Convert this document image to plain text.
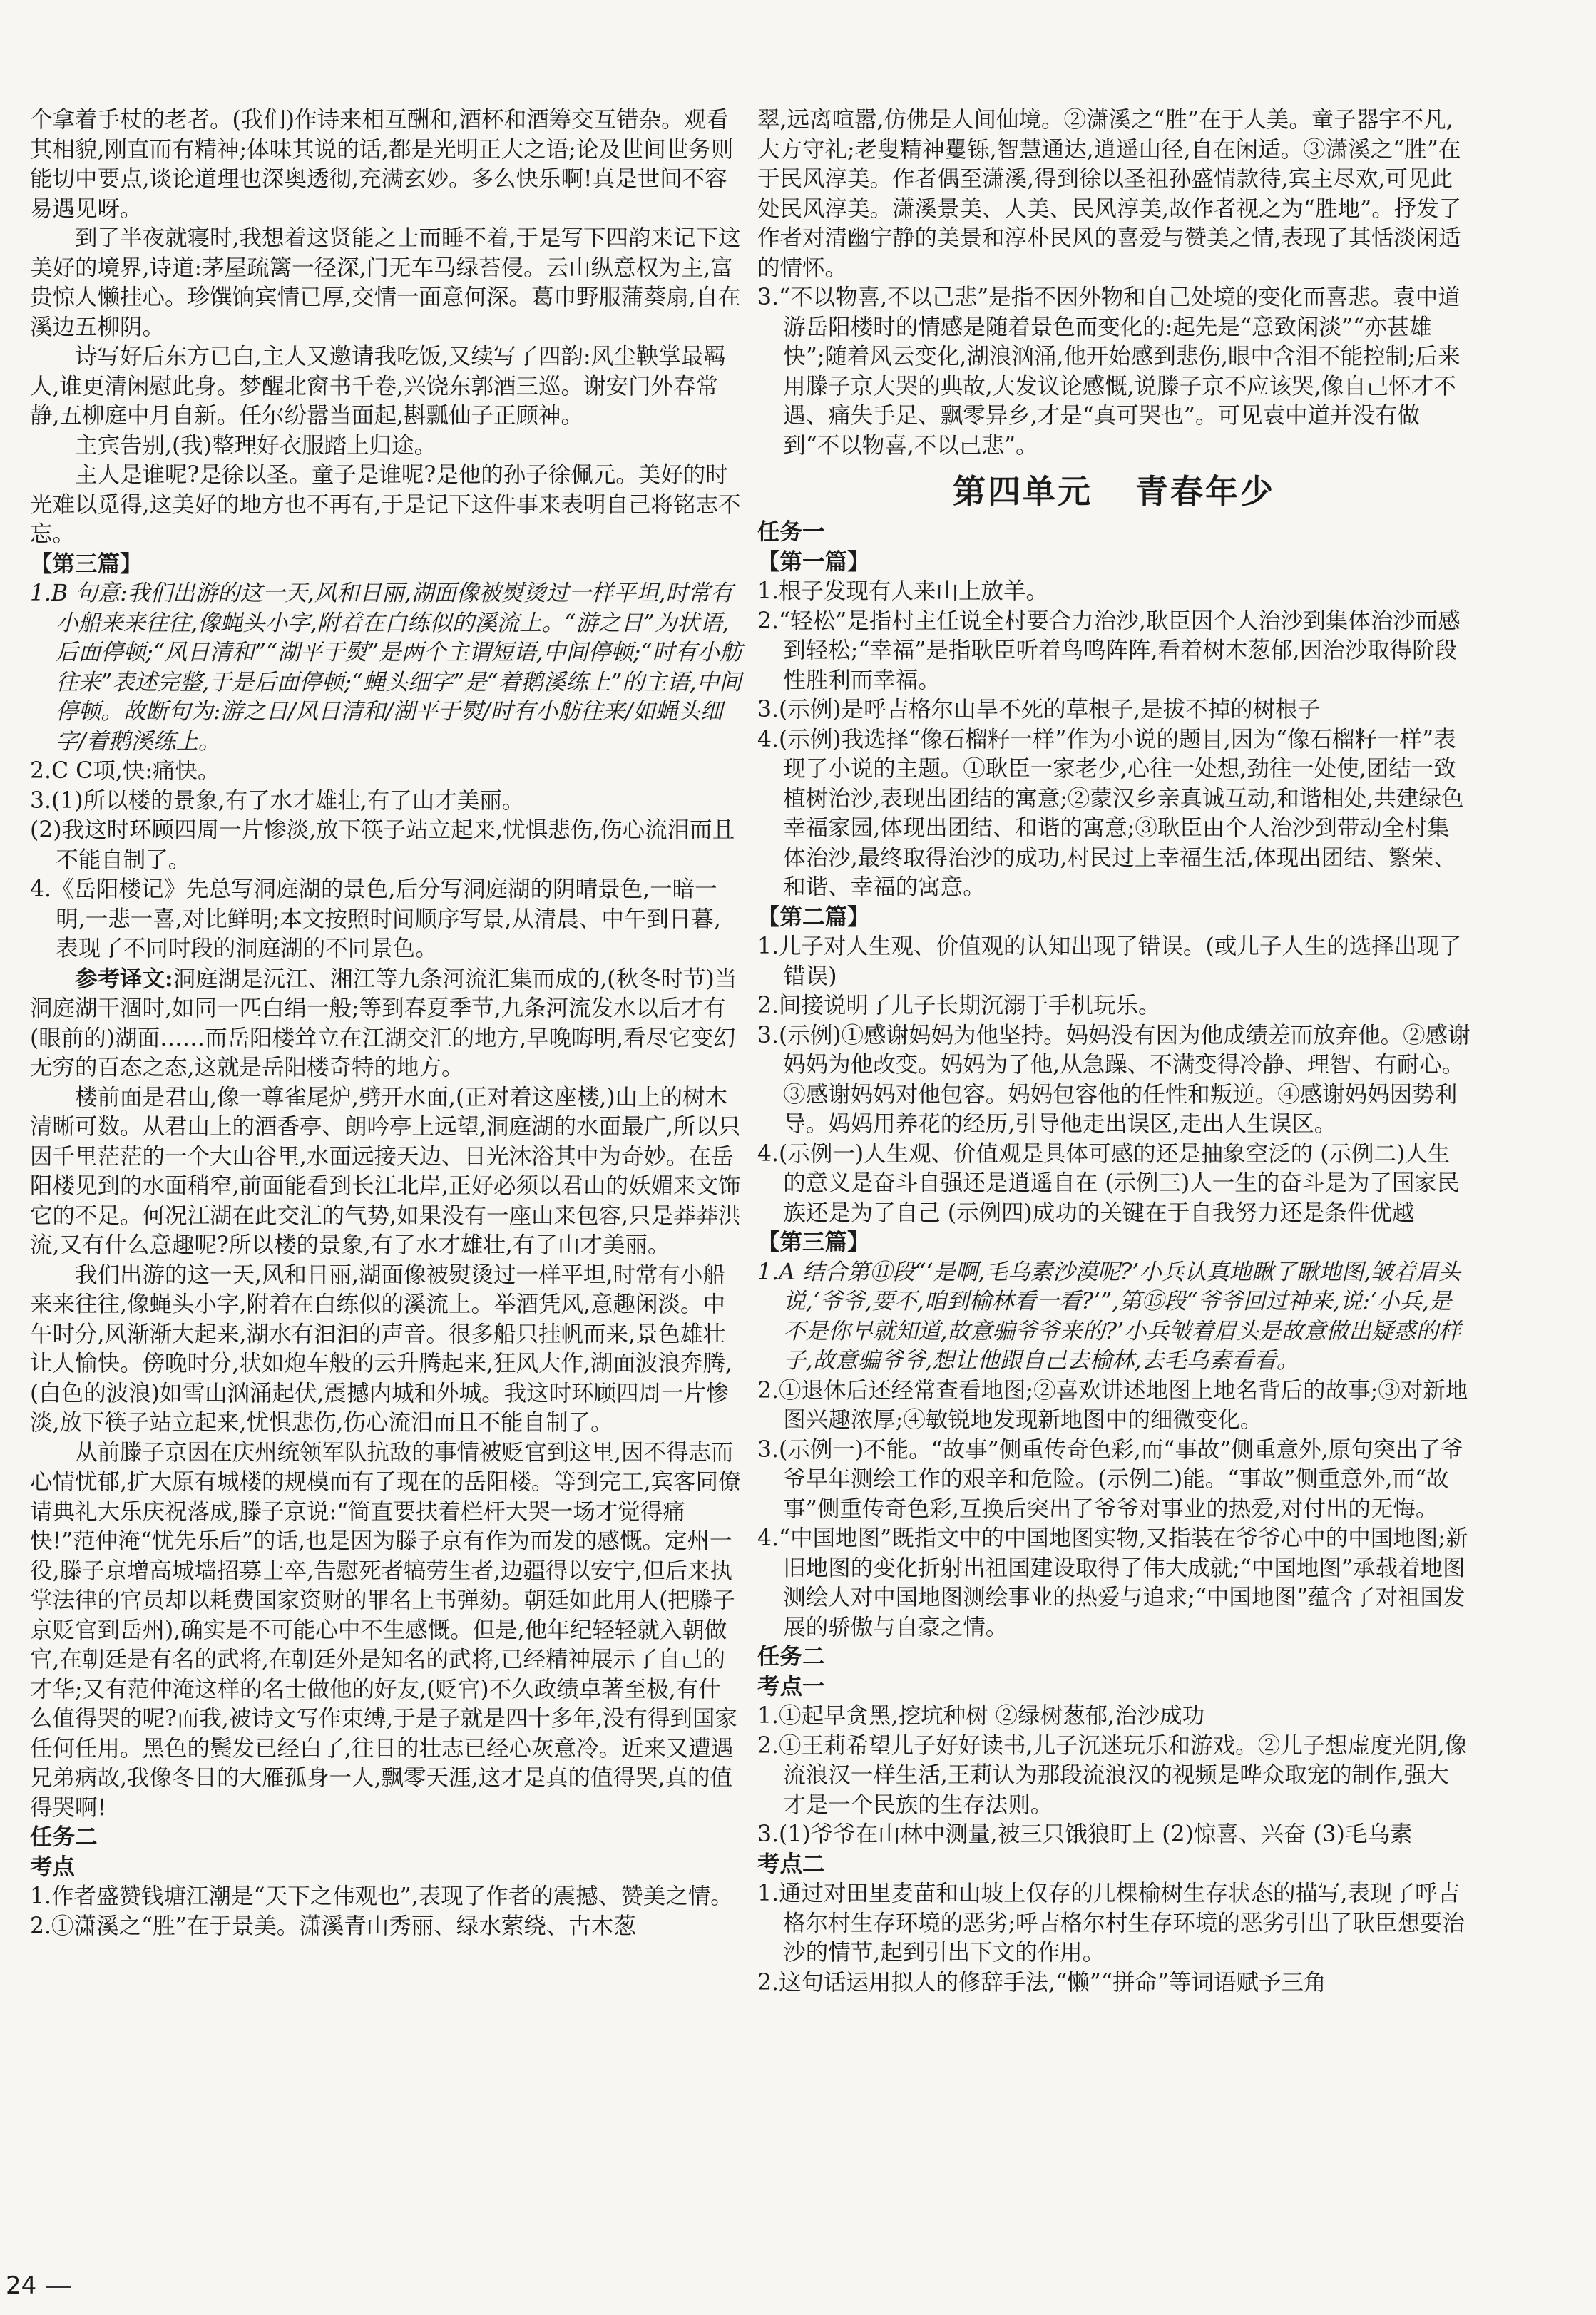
个拿着手杖的老者。(我们)作诗来相互酬和,酒杯和酒筹交互错杂。观看其相貌,刚直而有精神;体味其说的话,都是光明正大之语;论及世间世务则能切中要点,谈论道理也深奥透彻,充满玄妙。多么快乐啊!真是世间不容易遇见呀。

到了半夜就寝时,我想着这贤能之士而睡不着,于是写下四韵来记下这美好的境界,诗道:茅屋疏篱一径深,门无车马绿苔侵。云山纵意权为主,富贵惊人懒挂心。珍馔饷宾情已厚,交情一面意何深。葛巾野服蒲葵扇,自在溪边五柳阴。

诗写好后东方已白,主人又邀请我吃饭,又续写了四韵:风尘鞅掌最羁人,谁更清闲慰此身。梦醒北窗书千卷,兴饶东郭酒三巡。谢安门外春常静,五柳庭中月自新。任尔纷嚣当面起,斟瓢仙子正顾神。

主宾告别,(我)整理好衣服踏上归途。

主人是谁呢?是徐以圣。童子是谁呢?是他的孙子徐佩元。美好的时光难以觅得,这美好的地方也不再有,于是记下这件事来表明自己将铭志不忘。

【第三篇】

1.B 句意:我们出游的这一天,风和日丽,湖面像被熨烫过一样平坦,时常有小船来来往往,像蝇头小字,附着在白练似的溪流上。“游之日”为状语,后面停顿;“风日清和”“湖平于熨”是两个主谓短语,中间停顿;“时有小舫往来”表述完整,于是后面停顿;“蝇头细字”是“着鹅溪练上”的主语,中间停顿。故断句为:游之日/风日清和/湖平于熨/时有小舫往来/如蝇头细字/着鹅溪练上。

2.C C项,快:痛快。

3.(1)所以楼的景象,有了水才雄壮,有了山才美丽。

(2)我这时环顾四周一片惨淡,放下筷子站立起来,忧惧悲伤,伤心流泪而且不能自制了。

4.《岳阳楼记》先总写洞庭湖的景色,后分写洞庭湖的阴晴景色,一暗一明,一悲一喜,对比鲜明;本文按照时间顺序写景,从清晨、中午到日暮,表现了不同时段的洞庭湖的不同景色。

参考译文:洞庭湖是沅江、湘江等九条河流汇集而成的,(秋冬时节)当洞庭湖干涸时,如同一匹白绢一般;等到春夏季节,九条河流发水以后才有(眼前的)湖面……而岳阳楼耸立在江湖交汇的地方,早晚晦明,看尽它变幻无穷的百态之态,这就是岳阳楼奇特的地方。

楼前面是君山,像一尊雀尾炉,劈开水面,(正对着这座楼,)山上的树木清晰可数。从君山上的酒香亭、朗吟亭上远望,洞庭湖的水面最广,所以只因千里茫茫的一个大山谷里,水面远接天边、日光沐浴其中为奇妙。在岳阳楼见到的水面稍窄,前面能看到长江北岸,正好必须以君山的妖媚来文饰它的不足。何况江湖在此交汇的气势,如果没有一座山来包容,只是莽莽洪流,又有什么意趣呢?所以楼的景象,有了水才雄壮,有了山才美丽。

我们出游的这一天,风和日丽,湖面像被熨烫过一样平坦,时常有小船来来往往,像蝇头小字,附着在白练似的溪流上。举酒凭风,意趣闲淡。中午时分,风渐渐大起来,湖水有汩汩的声音。很多船只挂帆而来,景色雄壮让人愉快。傍晚时分,状如炮车般的云升腾起来,狂风大作,湖面波浪奔腾,(白色的波浪)如雪山汹涌起伏,震撼内城和外城。我这时环顾四周一片惨淡,放下筷子站立起来,忧惧悲伤,伤心流泪而且不能自制了。

从前滕子京因在庆州统领军队抗敌的事情被贬官到这里,因不得志而心情忧郁,扩大原有城楼的规模而有了现在的岳阳楼。等到完工,宾客同僚请典礼大乐庆祝落成,滕子京说:“简直要扶着栏杆大哭一场才觉得痛快!”范仲淹“忧先乐后”的话,也是因为滕子京有作为而发的感慨。定州一役,滕子京增高城墙招募士卒,告慰死者犒劳生者,边疆得以安宁,但后来执掌法律的官员却以耗费国家资财的罪名上书弹劾。朝廷如此用人(把滕子京贬官到岳州),确实是不可能心中不生感慨。但是,他年纪轻轻就入朝做官,在朝廷是有名的武将,在朝廷外是知名的武将,已经精神展示了自己的才华;又有范仲淹这样的名士做他的好友,(贬官)不久政绩卓著至极,有什么值得哭的呢?而我,被诗文写作束缚,于是子就是四十多年,没有得到国家任何任用。黑色的鬓发已经白了,往日的壮志已经心灰意冷。近来又遭遇兄弟病故,我像冬日的大雁孤身一人,飘零天涯,这才是真的值得哭,真的值得哭啊!

任务二

考点

1.作者盛赞钱塘江潮是“天下之伟观也”,表现了作者的震撼、赞美之情。

2.①潇溪之“胜”在于景美。潇溪青山秀丽、绿水萦绕、古木葱

翠,远离喧嚣,仿佛是人间仙境。②潇溪之“胜”在于人美。童子器宇不凡,大方守礼;老叟精神矍铄,智慧通达,逍遥山径,自在闲适。③潇溪之“胜”在于民风淳美。作者偶至潇溪,得到徐以圣祖孙盛情款待,宾主尽欢,可见此处民风淳美。潇溪景美、人美、民风淳美,故作者视之为“胜地”。抒发了作者对清幽宁静的美景和淳朴民风的喜爱与赞美之情,表现了其恬淡闲适的情怀。

3.“不以物喜,不以己悲”是指不因外物和自己处境的变化而喜悲。袁中道游岳阳楼时的情感是随着景色而变化的:起先是“意致闲淡”“亦甚雄快”;随着风云变化,湖浪汹涌,他开始感到悲伤,眼中含泪不能控制;后来用滕子京大哭的典故,大发议论感慨,说滕子京不应该哭,像自己怀才不遇、痛失手足、飘零异乡,才是“真可哭也”。可见袁中道并没有做到“不以物喜,不以己悲”。

第四单元 青春年少

任务一

【第一篇】

1.根子发现有人来山上放羊。

2.“轻松”是指村主任说全村要合力治沙,耿臣因个人治沙到集体治沙而感到轻松;“幸福”是指耿臣听着鸟鸣阵阵,看着树木葱郁,因治沙取得阶段性胜利而幸福。

3.(示例)是呼吉格尔山旱不死的草根子,是拔不掉的树根子

4.(示例)我选择“像石榴籽一样”作为小说的题目,因为“像石榴籽一样”表现了小说的主题。①耿臣一家老少,心往一处想,劲往一处使,团结一致植树治沙,表现出团结的寓意;②蒙汉乡亲真诚互动,和谐相处,共建绿色幸福家园,体现出团结、和谐的寓意;③耿臣由个人治沙到带动全村集体治沙,最终取得治沙的成功,村民过上幸福生活,体现出团结、繁荣、和谐、幸福的寓意。

【第二篇】

1.儿子对人生观、价值观的认知出现了错误。(或儿子人生的选择出现了错误)

2.间接说明了儿子长期沉溺于手机玩乐。

3.(示例)①感谢妈妈为他坚持。妈妈没有因为他成绩差而放弃他。②感谢妈妈为他改变。妈妈为了他,从急躁、不满变得冷静、理智、有耐心。③感谢妈妈对他包容。妈妈包容他的任性和叛逆。④感谢妈妈因势利导。妈妈用养花的经历,引导他走出误区,走出人生误区。

4.(示例一)人生观、价值观是具体可感的还是抽象空泛的 (示例二)人生的意义是奋斗自强还是逍遥自在 (示例三)人一生的奋斗是为了国家民族还是为了自己 (示例四)成功的关键在于自我努力还是条件优越

【第三篇】

1.A 结合第⑪段“‘是啊,毛乌素沙漠呢?’小兵认真地瞅了瞅地图,皱着眉头说,‘爷爷,要不,咱到榆林看一看?’”,第⑮段“爷爷回过神来,说:‘小兵,是不是你早就知道,故意骗爷爷来的?’小兵皱着眉头是故意做出疑惑的样子,故意骗爷爷,想让他跟自己去榆林,去毛乌素看看。

2.①退休后还经常查看地图;②喜欢讲述地图上地名背后的故事;③对新地图兴趣浓厚;④敏锐地发现新地图中的细微变化。

3.(示例一)不能。“故事”侧重传奇色彩,而“事故”侧重意外,原句突出了爷爷早年测绘工作的艰辛和危险。(示例二)能。“事故”侧重意外,而“故事”侧重传奇色彩,互换后突出了爷爷对事业的热爱,对付出的无悔。

4.“中国地图”既指文中的中国地图实物,又指装在爷爷心中的中国地图;新旧地图的变化折射出祖国建设取得了伟大成就;“中国地图”承载着地图测绘人对中国地图测绘事业的热爱与追求;“中国地图”蕴含了对祖国发展的骄傲与自豪之情。

任务二

考点一

1.①起早贪黑,挖坑种树 ②绿树葱郁,治沙成功

2.①王莉希望儿子好好读书,儿子沉迷玩乐和游戏。②儿子想虚度光阴,像流浪汉一样生活,王莉认为那段流浪汉的视频是哗众取宠的制作,强大才是一个民族的生存法则。

3.(1)爷爷在山林中测量,被三只饿狼盯上 (2)惊喜、兴奋 (3)毛乌素

考点二

1.通过对田里麦苗和山坡上仅存的几棵榆树生存状态的描写,表现了呼吉格尔村生存环境的恶劣;呼吉格尔村生存环境的恶劣引出了耿臣想要治沙的情节,起到引出下文的作用。

2.这句话运用拟人的修辞手法,“懒”“拼命”等词语赋予三角

24
